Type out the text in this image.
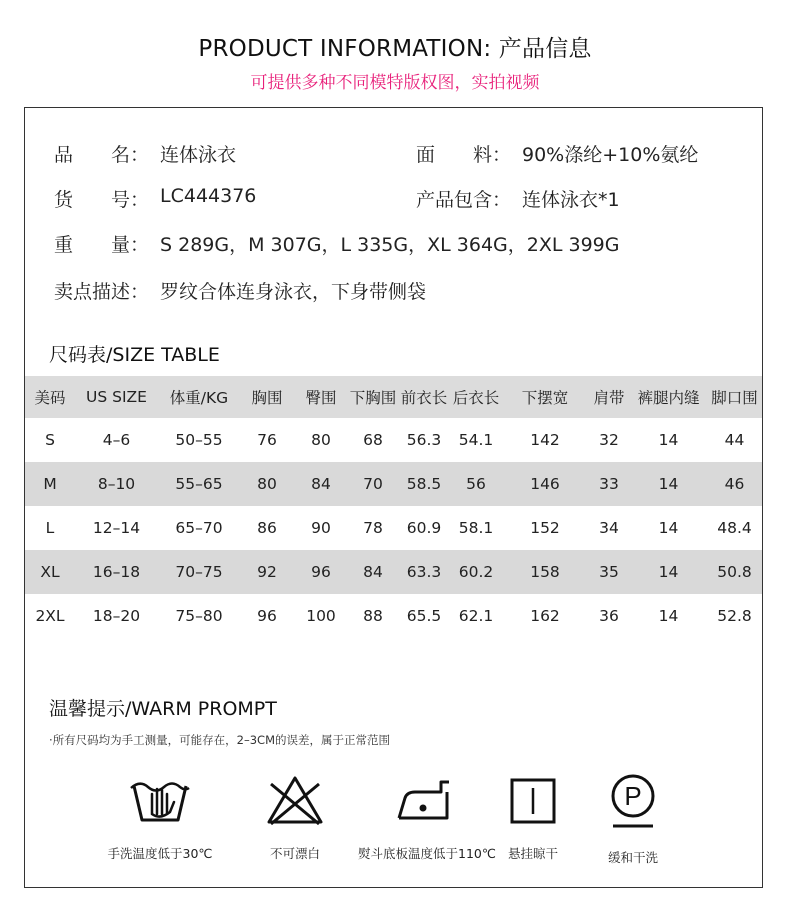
PRODUCT INFORMATION: 产品信息
可提供多种不同模特版权图，实拍视频
品　　名： 连体泳衣	面　　料： 90%涤纶+10%氨纶
货　　号： LC444376	产品包含： 连体泳衣*1
重　　量： S 289G，M 307G，L 335G，XL 364G，2XL 399G
卖点描述： 罗纹合体连身泳衣，下身带侧袋
尺码表/SIZE TABLE
美码	US SIZE	体重/KG	胸围	臀围	下胸围	前衣长	后衣长	下摆宽	肩带	裤腿内缝	脚口围
S	4–6	50–55	76	80	68	56.3	54.1	142	32	14	44
M	8–10	55–65	80	84	70	58.5	56	146	33	14	46
L	12–14	65–70	86	90	78	60.9	58.1	152	34	14	48.4
XL	16–18	70–75	92	96	84	63.3	60.2	158	35	14	50.8
2XL	18–20	75–80	96	100	88	65.5	62.1	162	36	14	52.8
温馨提示/WARM PROMPT
·所有尺码均为手工测量，可能存在，2–3CM的误差，属于正常范围
手洗温度低于30℃	不可漂白	熨斗底板温度低于110℃ 悬挂晾干
P
缓和干洗
